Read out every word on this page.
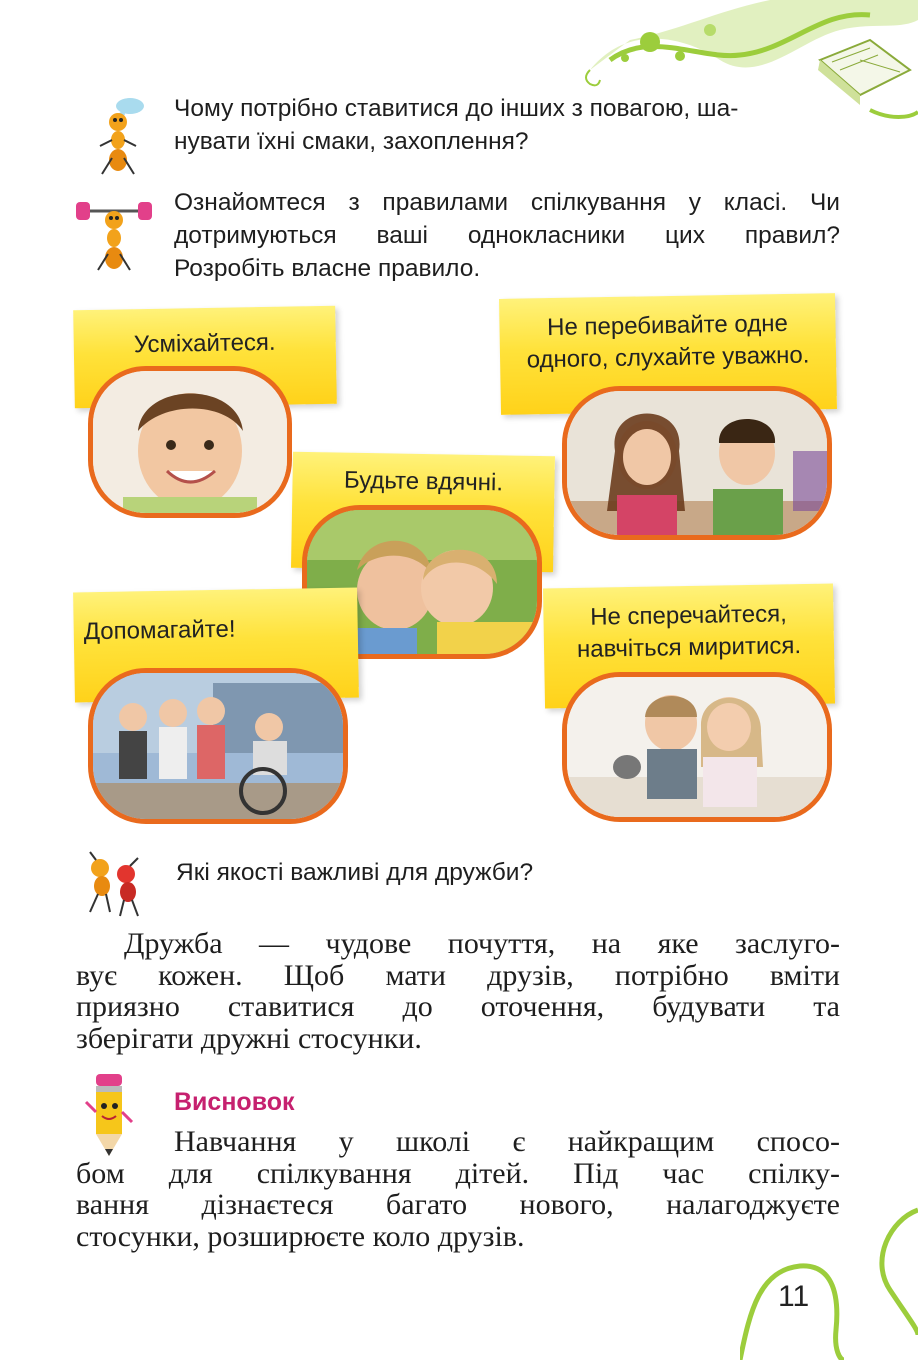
Чому потрібно ставитися до інших з повагою, ша-
нувати їхні смаки, захоплення?
Ознайомтеся з правилами спілкування у класі. Чи
дотримуються ваші однокласники цих правил?
Розробіть власне правило.
Усміхайтеся.
Не перебивайте одне
одного, слухайте уважно.
Будьте вдячні.
Допомагайте!	Не сперечайтеся,
навчіться миритися.
Які якості важливі для дружби?
Дружба — чудове почуття, на яке заслуго-
вує кожен. Щоб мати друзів, потрібно вміти
приязно ставитися до оточення, будувати та
зберігати дружні стосунки.
Висновок
Навчання у школі є найкращим спосо-
бом для спілкування дітей. Під час спілку-
вання дізнаєтеся багато нового, налагоджуєте
стосунки, розширюєте коло друзів.
11
